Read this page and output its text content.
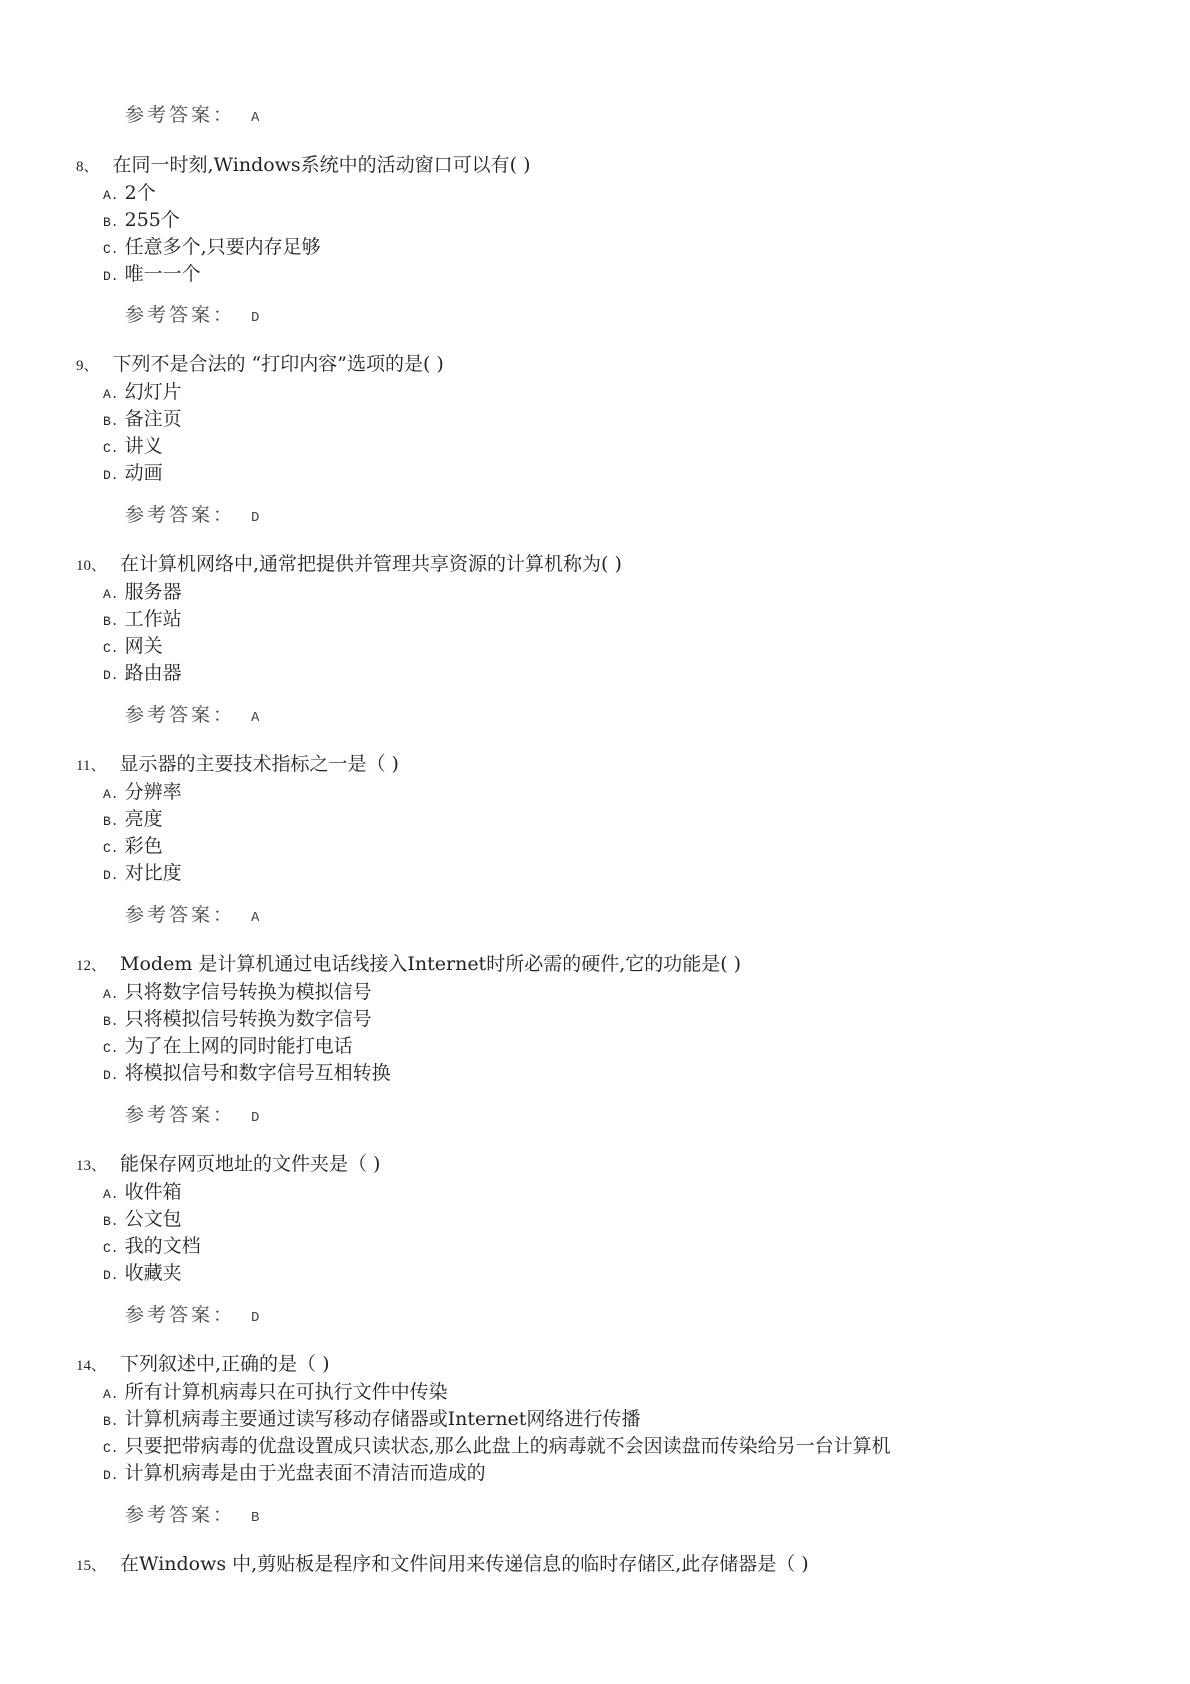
参考答案： A
8、 在同一时刻,Windows系统中的活动窗口可以有( )
A. 2个
B. 255个
C. 任意多个,只要内存足够
D. 唯一一个
参考答案： D
9、 下列不是合法的 “打印内容”选项的是( )
A. 幻灯片
B. 备注页
C. 讲义
D. 动画
参考答案： D
10、 在计算机网络中,通常把提供并管理共享资源的计算机称为( )
A. 服务器
B. 工作站
C. 网关
D. 路由器
参考答案： A
11、 显示器的主要技术指标之一是（ )
A. 分辨率
B. 亮度
C. 彩色
D. 对比度
参考答案： A
12、 Modem 是计算机通过电话线接入Internet时所必需的硬件,它的功能是( )
A. 只将数字信号转换为模拟信号
B. 只将模拟信号转换为数字信号
C. 为了在上网的同时能打电话
D. 将模拟信号和数字信号互相转换
参考答案： D
13、 能保存网页地址的文件夹是（ )
A. 收件箱
B. 公文包
C. 我的文档
D. 收藏夹
参考答案： D
14、 下列叙述中,正确的是（ )
A. 所有计算机病毒只在可执行文件中传染
B. 计算机病毒主要通过读写移动存储器或Internet网络进行传播
C. 只要把带病毒的优盘设置成只读状态,那么此盘上的病毒就不会因读盘而传染给另一台计算机
D. 计算机病毒是由于光盘表面不清洁而造成的
参考答案： B
15、 在Windows 中,剪贴板是程序和文件间用来传递信息的临时存储区,此存储器是（ )
